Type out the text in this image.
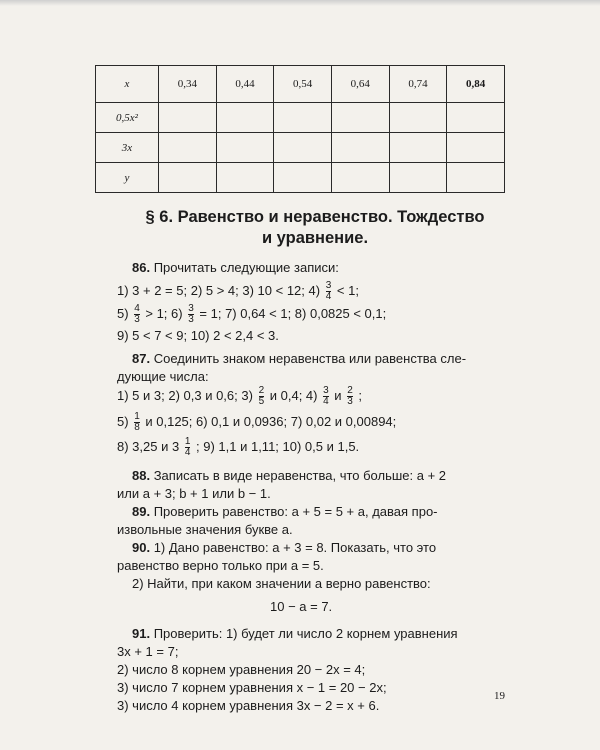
x	0,34	0,44	0,54	0,64	0,74	0,84
0,5x²						
3x						
y						
§ 6. Равенство и неравенство. Тождество
и уравнение.
86. Прочитать следующие записи:
1) 3 + 2 = 5; 2) 5 > 4; 3) 10 < 12; $4) \frac{3}{4} < 1$;
$5) \frac{4}{3} > 1$; $6) \frac{3}{3} = 1$; 7) 0,64 < 1; 8) 0,0825 < 0,1;
9) 5 < 7 < 9; 10) 2 < 2,4 < 3.
87. Соединить знаком неравенства или равенства сле-
дующие числа:
1) 5 и 3; 2) 0,3 и 0,6; $3) \frac{2}{5}$ и 0,4; $4) \frac{3}{4}$ и $\frac{2}{3}$ ;
$5) \frac{1}{8}$ и 0,125; 6) 0,1 и 0,0936; 7) 0,02 и 0,00894;
8) 3,25 и $3 \frac{1}{4}$ ; 9) 1,1 и 1,11; 10) 0,5 и 1,5.
88. Записать в виде неравенства, что больше: a + 2
или a + 3; b + 1 или b − 1.
89. Проверить равенство: a + 5 = 5 + a, давая про-
извольные значения букве a.
90. 1) Дано равенство: a + 3 = 8. Показать, что это
равенство верно только при a = 5.
2) Найти, при каком значении a верно равенство:
10 − a = 7.
91. Проверить: 1) будет ли число 2 корнем уравнения
3x + 1 = 7;
2) число 8 корнем уравнения 20 − 2x = 4;
3) число 7 корнем уравнения x − 1 = 20 − 2x;
3) число 4 корнем уравнения 3x − 2 = x + 6.
19
